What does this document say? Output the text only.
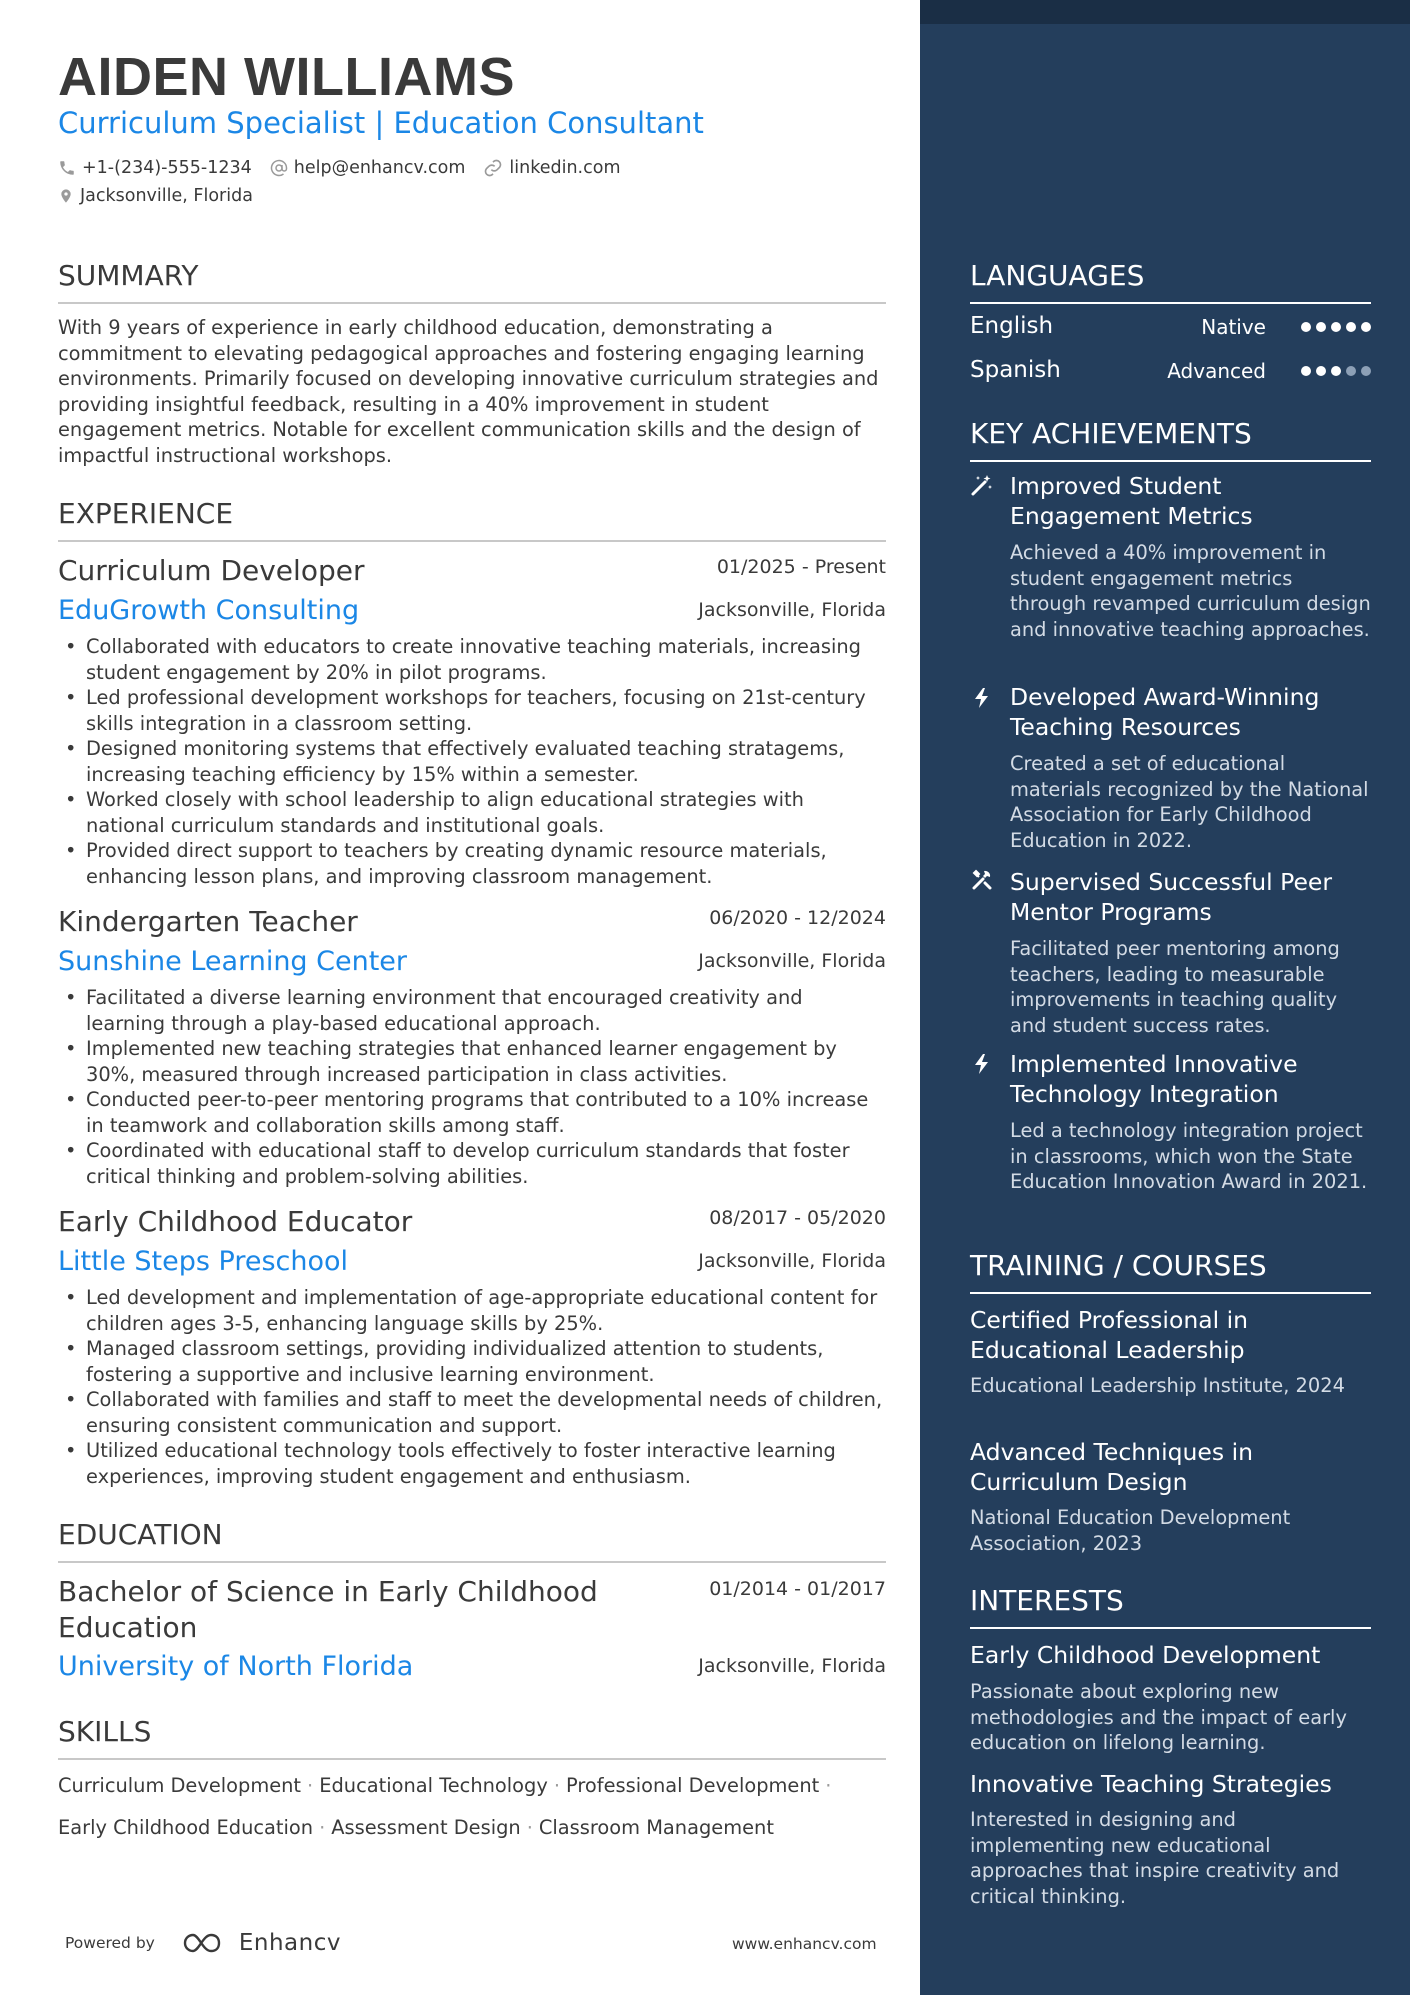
AIDEN WILLIAMS
Curriculum Specialist | Education Consultant
+1-(234)-555-1234 help@enhancv.com	linkedin.com
Jacksonville, Florida
SUMMARY
With 9 years of experience in early childhood education, demonstrating a commitment to elevating pedagogical approaches and fostering engaging learning environments. Primarily focused on developing innovative curriculum strategies and providing insightful feedback, resulting in a 40% improvement in student engagement metrics. Notable for excellent communication skills and the design of impactful instructional workshops.
EXPERIENCE
Curriculum Developer	01/2025 - Present
EduGrowth Consulting	Jacksonville, Florida
• Collaborated with educators to create innovative teaching materials, increasing student engagement by 20% in pilot programs.
• Led professional development workshops for teachers, focusing on 21st-century skills integration in a classroom setting.
• Designed monitoring systems that effectively evaluated teaching stratagems, increasing teaching efficiency by 15% within a semester.
• Worked closely with school leadership to align educational strategies with national curriculum standards and institutional goals.
• Provided direct support to teachers by creating dynamic resource materials, enhancing lesson plans, and improving classroom management.
Kindergarten Teacher	06/2020 - 12/2024
Sunshine Learning Center	Jacksonville, Florida
• Facilitated a diverse learning environment that encouraged creativity and learning through a play-based educational approach.
• Implemented new teaching strategies that enhanced learner engagement by 30%, measured through increased participation in class activities.
• Conducted peer-to-peer mentoring programs that contributed to a 10% increase in teamwork and collaboration skills among staff.
• Coordinated with educational staff to develop curriculum standards that foster critical thinking and problem-solving abilities.
Early Childhood Educator	08/2017 - 05/2020
Little Steps Preschool	Jacksonville, Florida
• Led development and implementation of age-appropriate educational content for children ages 3-5, enhancing language skills by 25%.
• Managed classroom settings, providing individualized attention to students, fostering a supportive and inclusive learning environment.
• Collaborated with families and staff to meet the developmental needs of children, ensuring consistent communication and support.
• Utilized educational technology tools effectively to foster interactive learning experiences, improving student engagement and enthusiasm.
EDUCATION
Bachelor of Science in Early Childhood Education
01/2014 - 01/2017
University of North Florida	Jacksonville, Florida
SKILLS
Curriculum Development · Educational Technology · Professional Development ·
Early Childhood Education · Assessment Design · Classroom Management
Powered by	Enhancv	www.enhancv.com
LANGUAGES
English	Native
Spanish	Advanced
KEY ACHIEVEMENTS
Improved Student Engagement Metrics
Achieved a 40% improvement in student engagement metrics through revamped curriculum design and innovative teaching approaches.
Developed Award-Winning Teaching Resources
Created a set of educational materials recognized by the National Association for Early Childhood Education in 2022.
Supervised Successful Peer Mentor Programs
Facilitated peer mentoring among teachers, leading to measurable improvements in teaching quality and student success rates.
Implemented Innovative Technology Integration
Led a technology integration project in classrooms, which won the State Education Innovation Award in 2021.
TRAINING / COURSES
Certified Professional in Educational Leadership
Educational Leadership Institute, 2024
Advanced Techniques in Curriculum Design
National Education Development Association, 2023
INTERESTS
Early Childhood Development
Passionate about exploring new methodologies and the impact of early education on lifelong learning.
Innovative Teaching Strategies
Interested in designing and implementing new educational approaches that inspire creativity and critical thinking.
